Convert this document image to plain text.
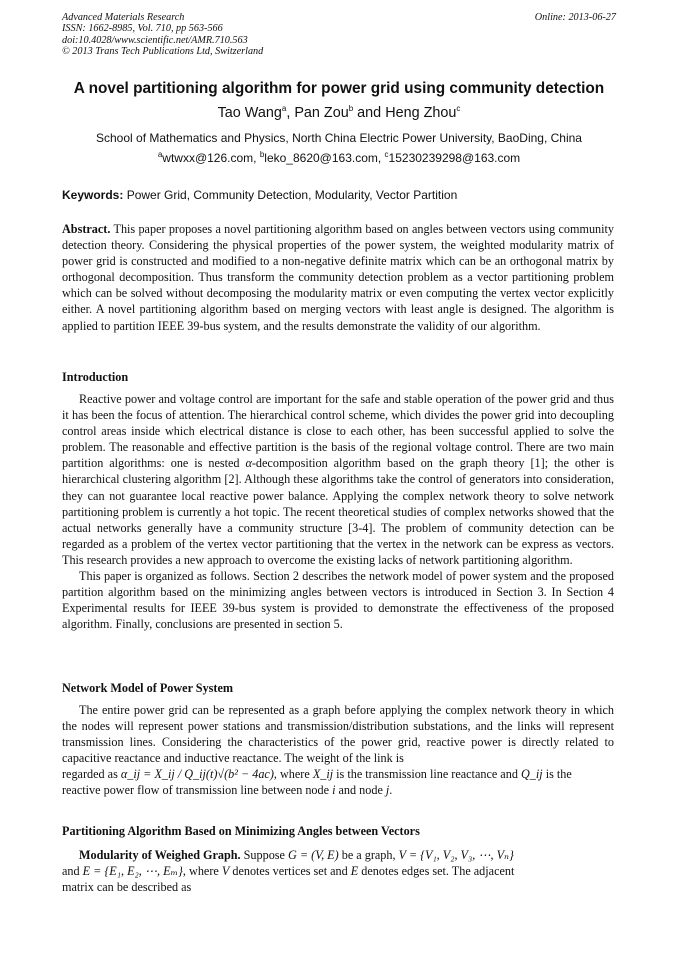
Advanced Materials Research
ISSN: 1662-8985, Vol. 710, pp 563-566
doi:10.4028/www.scientific.net/AMR.710.563
© 2013 Trans Tech Publications Ltd, Switzerland
Online: 2013-06-27
A novel partitioning algorithm for power grid using community detection
Tao Wang$^a$, Pan Zou$^b$ and Heng Zhou$^c$
School of Mathematics and Physics, North China Electric Power University, BaoDing, China
$^a$wtwxx@126.com, $^b$leko_8620@163.com, $^c$15230239298@163.com
Keywords: Power Grid, Community Detection, Modularity, Vector Partition
Abstract. This paper proposes a novel partitioning algorithm based on angles between vectors using community detection theory. Considering the physical properties of the power system, the weighted modularity matrix of power grid is constructed and modified to a non-negative definite matrix which can be an orthogonal matrix by orthogonal decomposition. Thus transform the community detection problem as a vector partitioning problem which can be solved without decomposing the modularity matrix or even computing the vertex vector explicitly either. A novel partitioning algorithm based on merging vectors with least angle is designed. The algorithm is applied to partition IEEE 39-bus system, and the results demonstrate the validity of our algorithm.
Introduction

Reactive power and voltage control are important for the safe and stable operation of the power grid and thus it has been the focus of attention. The hierarchical control scheme, which divides the power grid into decoupling control areas inside which electrical distance is close to each other, has been successful applied to solve the problem. The reasonable and effective partition is the basis of the regional voltage control. There are two main partition algorithms: one is nested α-decomposition algorithm based on the graph theory [1]; the other is hierarchical clustering algorithm [2]. Although these algorithms take the control of generators into consideration, they can not guarantee local reactive power balance. Applying the complex network theory to solve network partitioning problem is currently a hot topic. The recent theoretical studies of complex networks showed that the actual networks generally have a community structure [3-4]. The problem of community detection can be regarded as a problem of the vertex vector partitioning that the vertex in the network can be express as vectors. This research provides a new approach to overcome the existing lacks of network partitioning algorithm.

This paper is organized as follows. Section 2 describes the network model of power system and the proposed partition algorithm based on the minimizing angles between vectors is introduced in Section 3. In Section 4 Experimental results for IEEE 39-bus system is provided to demonstrate the effectiveness of the proposed algorithm. Finally, conclusions are presented in section 5.

Network Model of Power System

The entire power grid can be represented as a graph before applying the complex network theory in which the nodes will represent power stations and transmission/distribution substations, and the links will represent transmission lines. Considering the characteristics of the power grid, reactive power is directly related to capacitive reactance and inductive reactance. The weight of the link is
regarded as α_ij = X_ij / Q_ij(t)√(b² − 4ac), where X_ij is the transmission line reactance and Q_ij is the
reactive power flow of transmission line between node i and node j.

Partitioning Algorithm Based on Minimizing Angles between Vectors

Modularity of Weighed Graph. Suppose G = (V, E) be a graph, V = {V₁, V₂, V₃, ⋯, Vₙ}
and E = {E₁, E₂, ⋯, Eₘ}, where V denotes vertices set and E denotes edges set. The adjacent
matrix can be described as
